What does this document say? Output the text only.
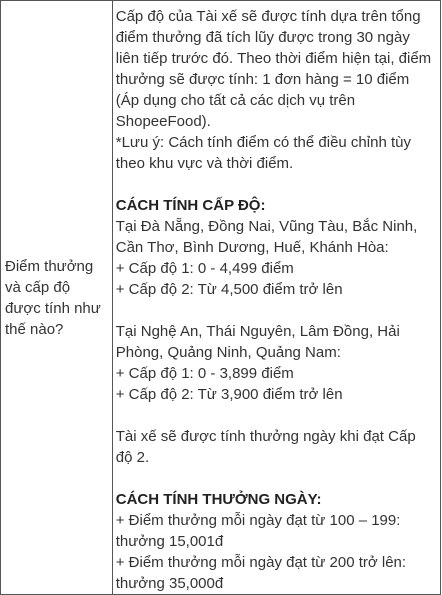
Điểm thưởng và cấp độ được tính như thế nào?

Cấp độ của Tài xế sẽ được tính dựa trên tổng điểm thưởng đã tích lũy được trong 30 ngày liên tiếp trước đó. Theo thời điểm hiện tại, điểm thưởng sẽ được tính: 1 đơn hàng = 10 điểm (Áp dụng cho tất cả các dịch vụ trên ShopeeFood).

*Lưu ý: Cách tính điểm có thể điều chỉnh tùy theo khu vực và thời điểm.

CÁCH TÍNH CẤP ĐỘ:

Tại Đà Nẵng, Đồng Nai, Vũng Tàu, Bắc Ninh, Cần Thơ, Bình Dương, Huế, Khánh Hòa:

+ Cấp độ 1: 0 - 4,499 điểm

+ Cấp độ 2: Từ 4,500 điểm trở lên

Tại Nghệ An, Thái Nguyên, Lâm Đồng, Hải Phòng, Quảng Ninh, Quảng Nam:

+ Cấp độ 1: 0 - 3,899 điểm

+ Cấp độ 2: Từ 3,900 điểm trở lên

Tài xế sẽ được tính thưởng ngày khi đạt Cấp độ 2.

CÁCH TÍNH THƯỞNG NGÀY:

+ Điểm thưởng mỗi ngày đạt từ 100 – 199: thưởng 15,001đ

+ Điểm thưởng mỗi ngày đạt từ 200 trở lên: thưởng 35,000đ
